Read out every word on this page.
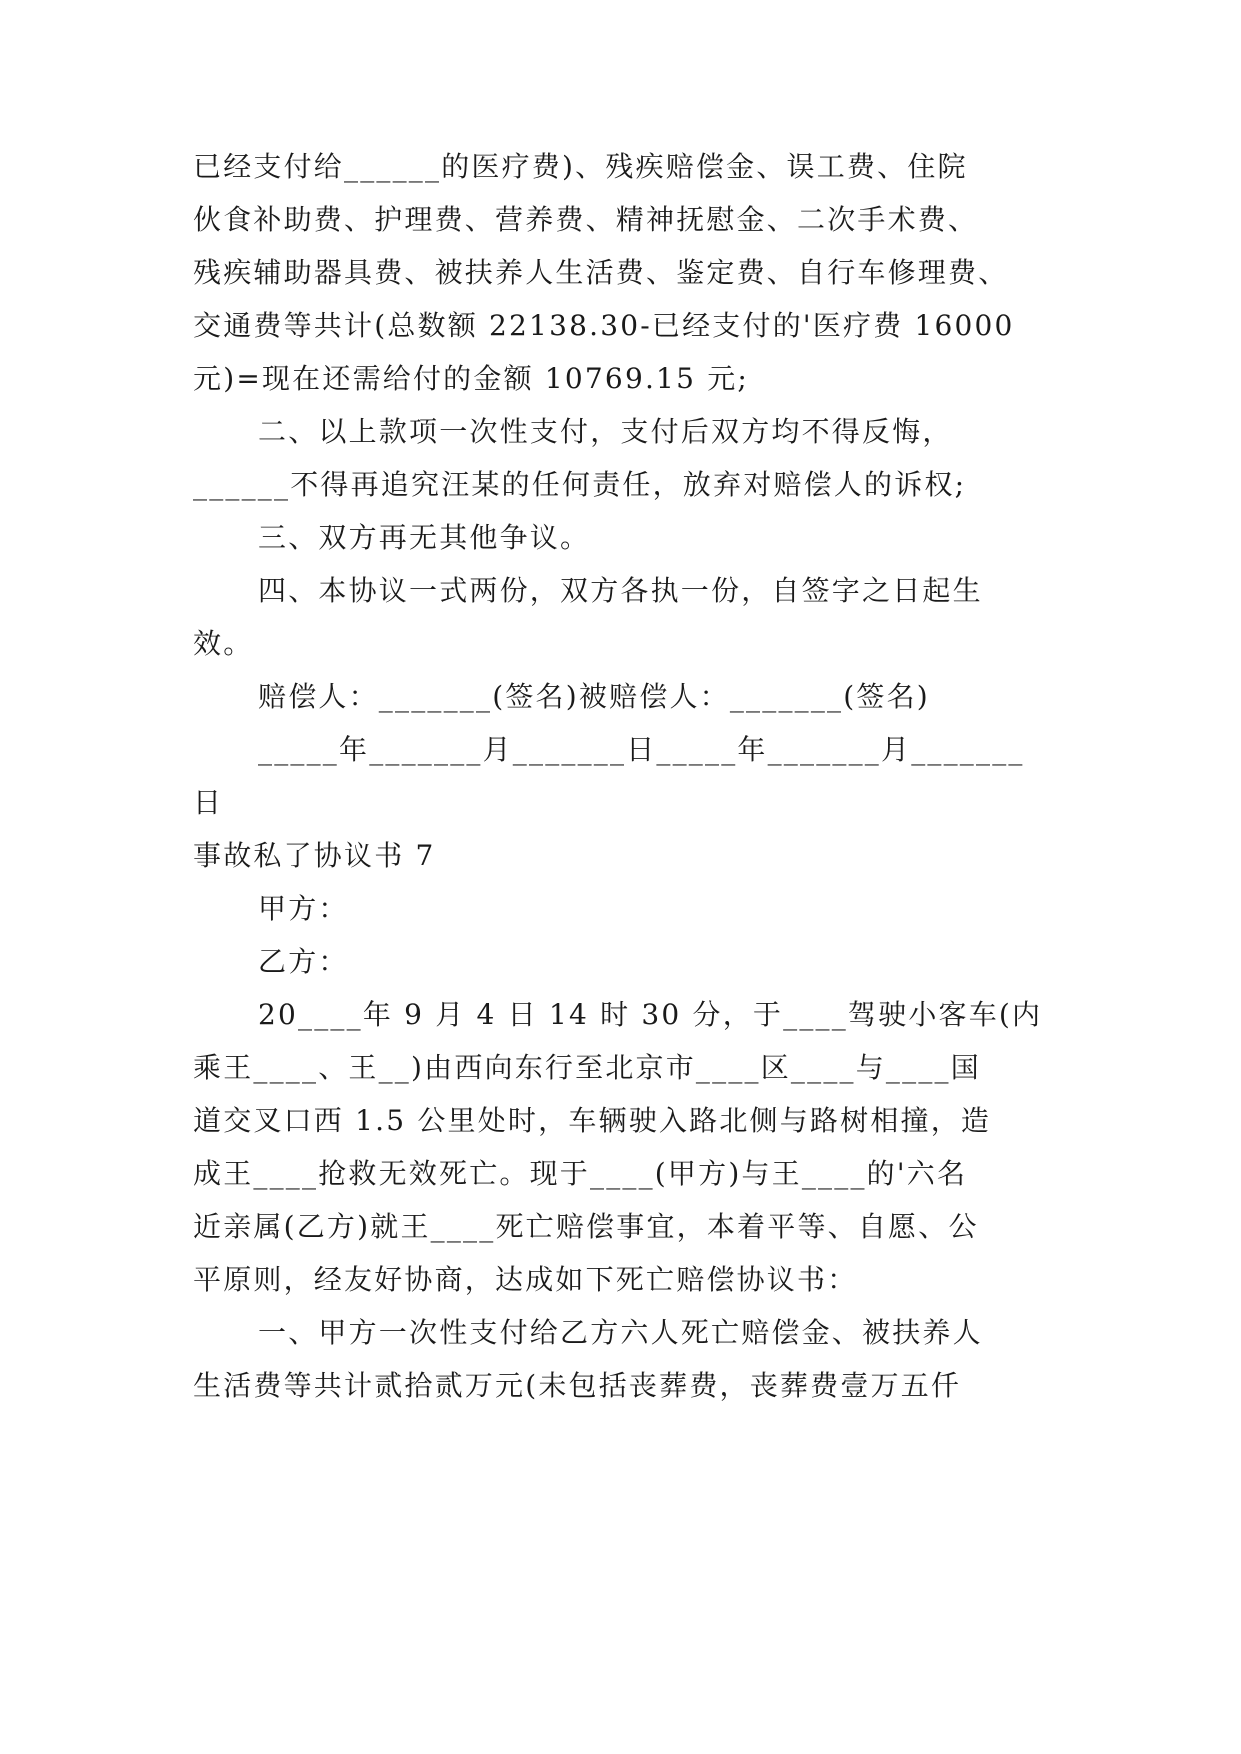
已经支付给______的医疗费)、残疾赔偿金、误工费、住院
伙食补助费、护理费、营养费、精神抚慰金、二次手术费、
残疾辅助器具费、被扶养人生活费、鉴定费、自行车修理费、
交通费等共计(总数额 22138.30-已经支付的'医疗费 16000
元)=现在还需给付的金额 10769.15 元;
二、以上款项一次性支付，支付后双方均不得反悔，
______不得再追究汪某的任何责任，放弃对赔偿人的诉权;
三、双方再无其他争议。
四、本协议一式两份，双方各执一份，自签字之日起生
效。
赔偿人：_______(签名)被赔偿人：_______(签名)
_____年_______月_______日_____年_______月_______
日
事故私了协议书 7
甲方：
乙方：
20____年 9 月 4 日 14 时 30 分，于____驾驶小客车(内
乘王____、王__)由西向东行至北京市____区____与____国
道交叉口西 1.5 公里处时，车辆驶入路北侧与路树相撞，造
成王____抢救无效死亡。现于____(甲方)与王____的'六名
近亲属(乙方)就王____死亡赔偿事宜，本着平等、自愿、公
平原则，经友好协商，达成如下死亡赔偿协议书：
一、甲方一次性支付给乙方六人死亡赔偿金、被扶养人
生活费等共计贰拾贰万元(未包括丧葬费，丧葬费壹万五仟
